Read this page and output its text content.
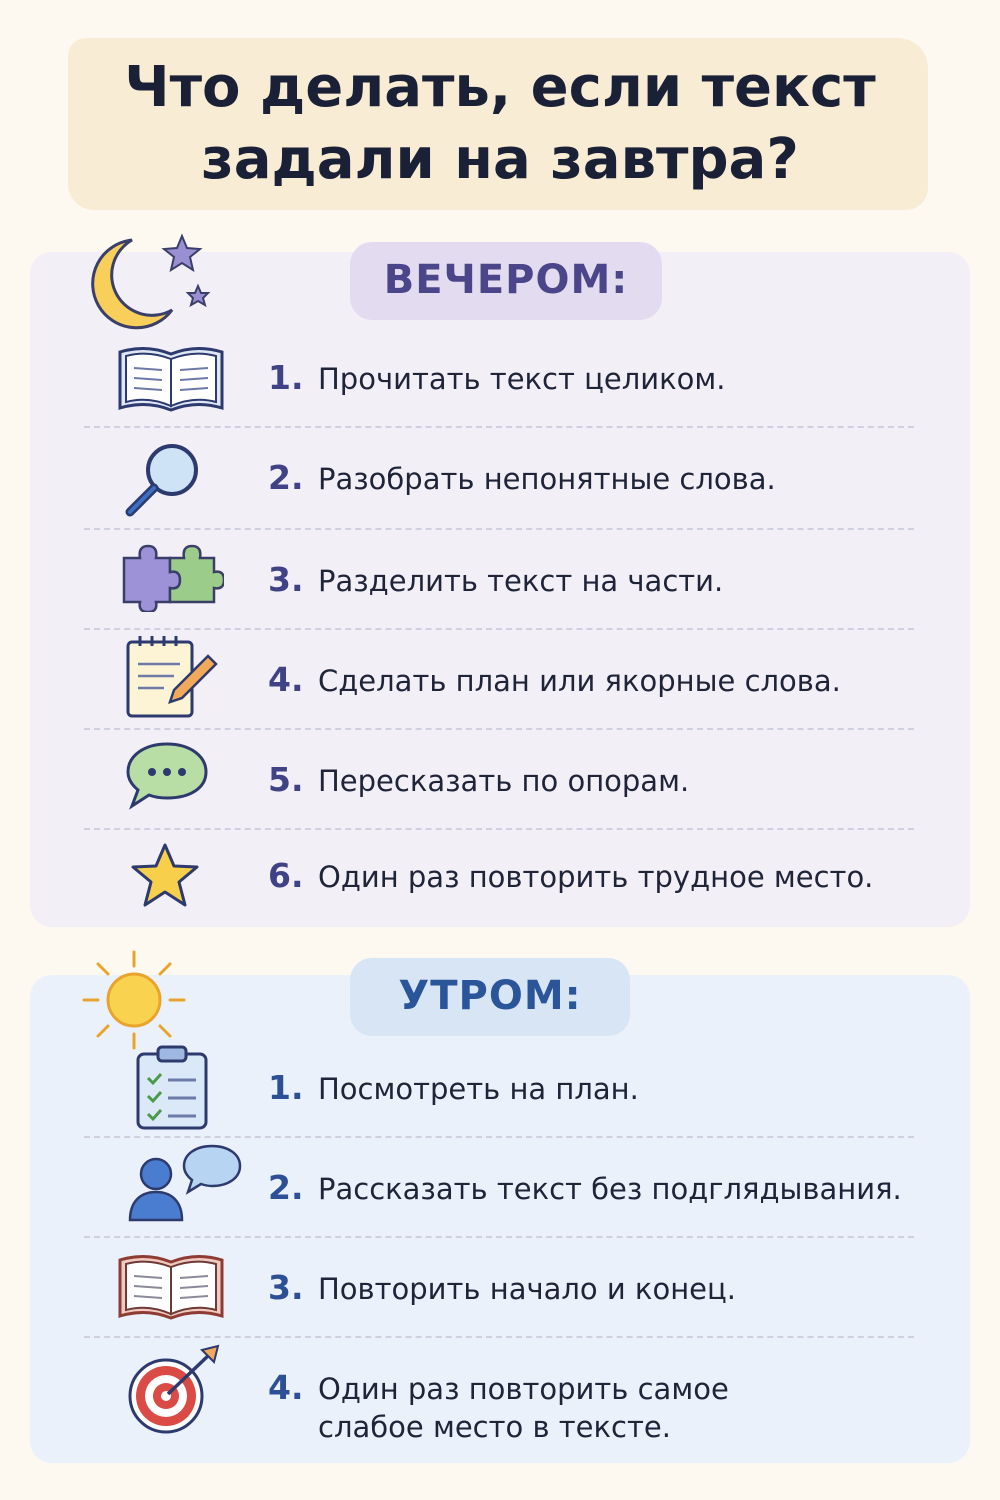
Что делать, если текст
задали на завтра?
ВЕЧЕРОМ:
1. Прочитать текст целиком.
2. Разобрать непонятные слова.
3. Разделить текст на части.
4. Сделать план или якорные слова.
5. Пересказать по опорам.
6. Один раз повторить трудное место.
УТРОМ:
1. Посмотреть на план.
2. Рассказать текст без подглядывания.
3. Повторить начало и конец.
4. Один раз повторить самое
слабое место в тексте.
